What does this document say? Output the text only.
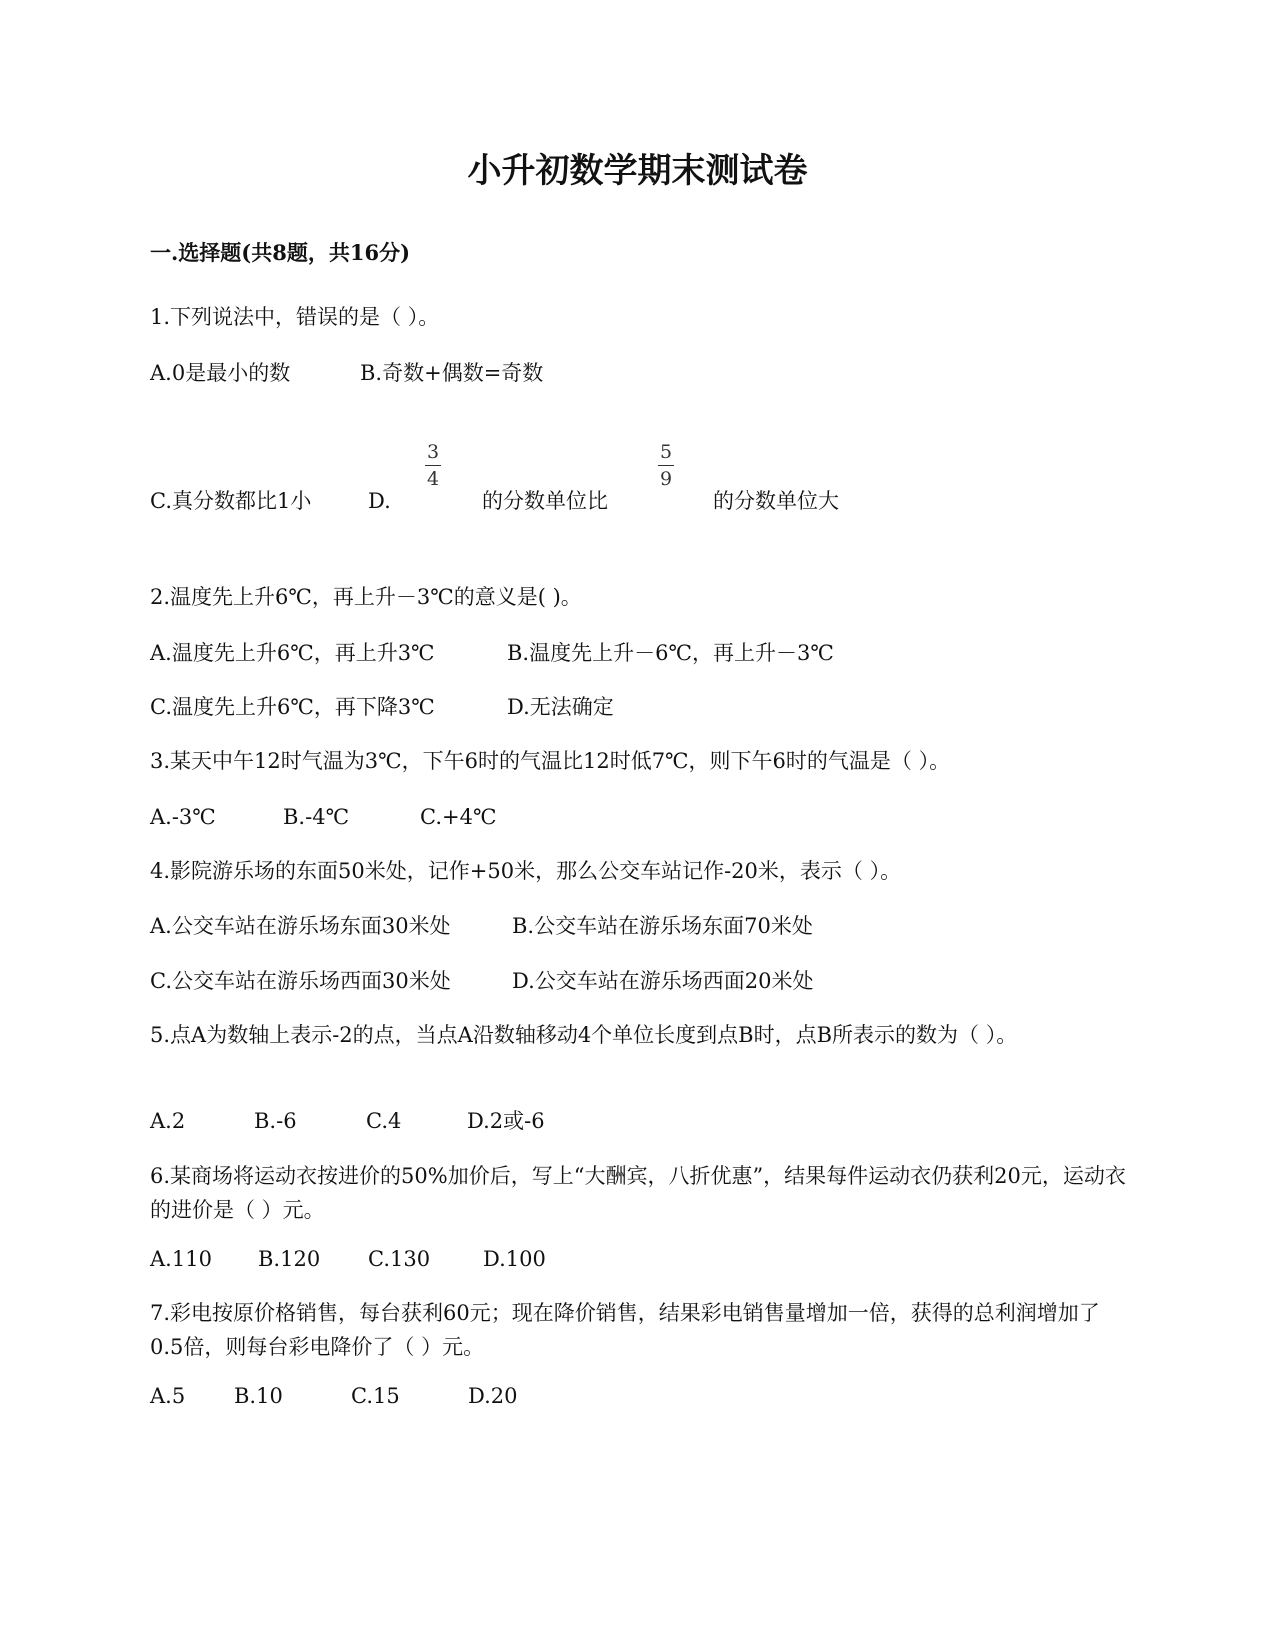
小升初数学期末测试卷
一.选择题(共8题，共16分)
1.下列说法中，错误的是（ ）。
A.0是最小的数	B.奇数+偶数=奇数
C.真分数都比1小	D.
3
4
的分数单位比
5
9
的分数单位大
2.温度先上升6℃，再上升－3℃的意义是( )。
A.温度先上升6℃，再上升3℃	B.温度先上升－6℃，再上升－3℃
C.温度先上升6℃，再下降3℃	D.无法确定
3.某天中午12时气温为3℃，下午6时的气温比12时低7℃，则下午6时的气温是（ ）。
A.-3℃	B.-4℃	C.+4℃
4.影院游乐场的东面50米处，记作+50米，那么公交车站记作-20米，表示（ ）。
A.公交车站在游乐场东面30米处	B.公交车站在游乐场东面70米处
C.公交车站在游乐场西面30米处	D.公交车站在游乐场西面20米处
5.点A为数轴上表示-2的点，当点A沿数轴移动4个单位长度到点B时，点B所表示的数为（ ）。
A.2	B.-6	C.4	D.2或-6
6.某商场将运动衣按进价的50%加价后，写上“大酬宾，八折优惠”，结果每件运动衣仍获利20元，运动衣的进价是（ ）元。
A.110 B.120 C.130	D.100
7.彩电按原价格销售，每台获利60元；现在降价销售，结果彩电销售量增加一倍，获得的总利润增加了0.5倍，则每台彩电降价了（ ）元。
A.5 B.10	C.15	D.20
